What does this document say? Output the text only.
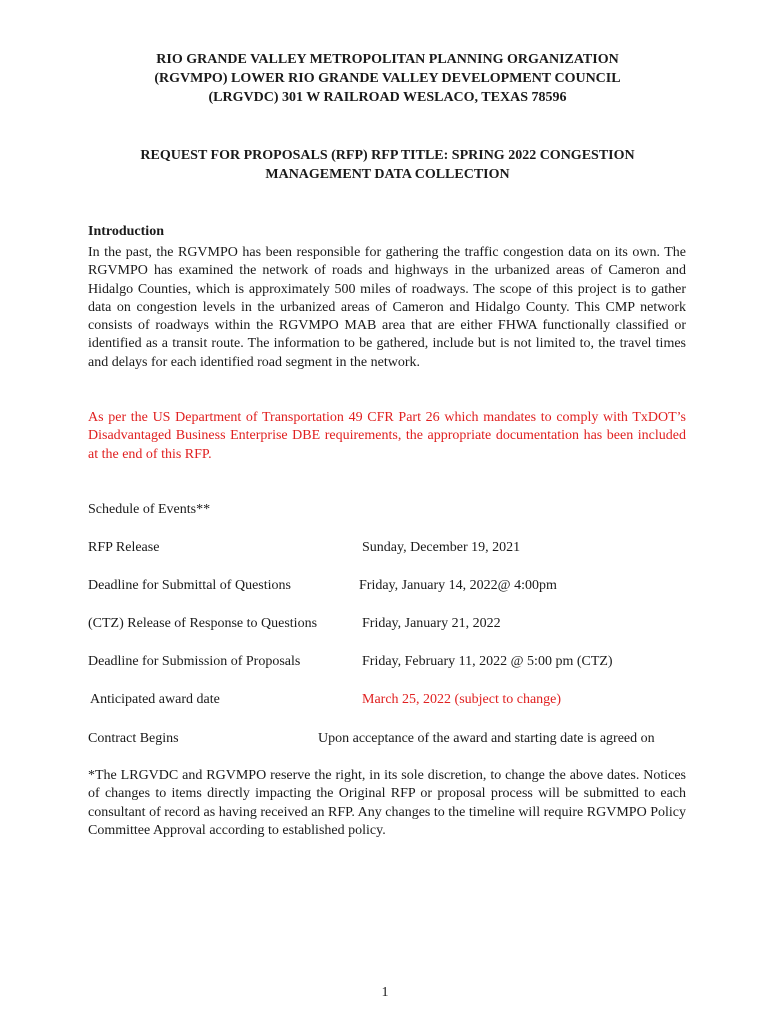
RIO GRANDE VALLEY METROPOLITAN PLANNING ORGANIZATION
(RGVMPO) LOWER RIO GRANDE VALLEY DEVELOPMENT COUNCIL
(LRGVDC) 301 W RAILROAD WESLACO, TEXAS 78596
REQUEST FOR PROPOSALS (RFP) RFP TITLE: SPRING 2022 CONGESTION
MANAGEMENT DATA COLLECTION
Introduction

In the past, the RGVMPO has been responsible for gathering the traffic congestion data on its own. The RGVMPO has examined the network of roads and highways in the urbanized areas of Cameron and Hidalgo Counties, which is approximately 500 miles of roadways. The scope of this project is to gather data on congestion levels in the urbanized areas of Cameron and Hidalgo County. This CMP network consists of roadways within the RGVMPO MAB area that are either FHWA functionally classified or identified as a transit route. The information to be gathered, include but is not limited to, the travel times and delays for each identified road segment in the network.

As per the US Department of Transportation 49 CFR Part 26 which mandates to comply with TxDOT’s Disadvantaged Business Enterprise DBE requirements, the appropriate documentation has been included at the end of this RFP.

Schedule of Events**

RFP Release	Sunday, December 19, 2021
Deadline for Submittal of Questions	Friday, January 14, 2022@ 4:00pm
(CTZ) Release of Response to Questions	Friday, January 21, 2022
Deadline for Submission of Proposals	Friday, February 11, 2022 @ 5:00 pm (CTZ)
Anticipated award date	March 25, 2022 (subject to change)
Contract Begins	Upon acceptance of the award and starting date is agreed on

*The LRGVDC and RGVMPO reserve the right, in its sole discretion, to change the above dates. Notices of changes to items directly impacting the Original RFP or proposal process will be submitted to each consultant of record as having received an RFP. Any changes to the timeline will require RGVMPO Policy Committee Approval according to established policy.

1
